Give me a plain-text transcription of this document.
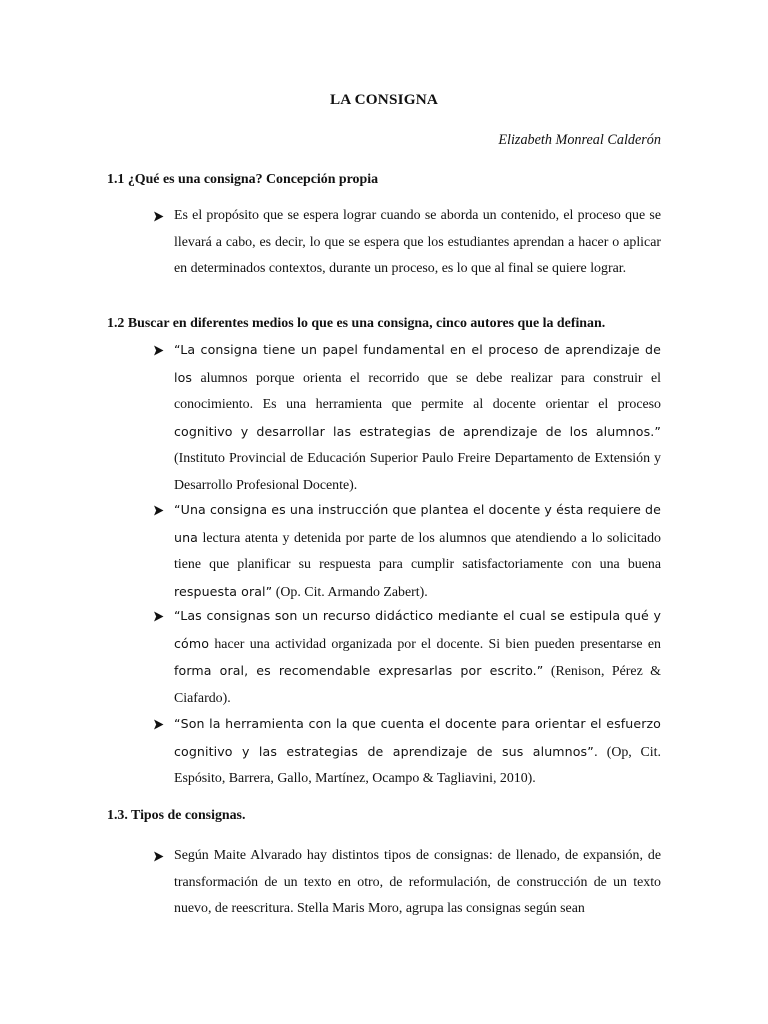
LA CONSIGNA
Elizabeth Monreal Calderón
1.1 ¿Qué es una consigna? Concepción propia
Es el propósito que se espera lograr cuando se aborda un contenido, el proceso que se llevará a cabo, es decir, lo que se espera que los estudiantes aprendan a hacer o aplicar en determinados contextos, durante un proceso, es lo que al final se quiere lograr.
1.2 Buscar en diferentes medios lo que es una consigna, cinco autores que la definan.
“La consigna tiene un papel fundamental en el proceso de aprendizaje de los alumnos porque orienta el recorrido que se debe realizar para construir el conocimiento. Es una herramienta que permite al docente orientar el proceso cognitivo y desarrollar las estrategias de aprendizaje de los alumnos.” (Instituto Provincial de Educación Superior Paulo Freire Departamento de Extensión y Desarrollo Profesional Docente).
“Una consigna es una instrucción que plantea el docente y ésta requiere de una lectura atenta y detenida por parte de los alumnos que atendiendo a lo solicitado tiene que planificar su respuesta para cumplir satisfactoriamente con una buena respuesta oral” (Op. Cit. Armando Zabert).
“Las consignas son un recurso didáctico mediante el cual se estipula qué y cómo hacer una actividad organizada por el docente. Si bien pueden presentarse en forma oral, es recomendable expresarlas por escrito.” (Renison, Pérez & Ciafardo).
“Son la herramienta con la que cuenta el docente para orientar el esfuerzo cognitivo y las estrategias de aprendizaje de sus alumnos”. (Op, Cit. Espósito, Barrera, Gallo, Martínez, Ocampo & Tagliavini, 2010).
1.3. Tipos de consignas.
Según Maite Alvarado hay distintos tipos de consignas: de llenado, de expansión, de transformación de un texto en otro, de reformulación, de construcción de un texto nuevo, de reescritura. Stella Maris Moro, agrupa las consignas según sean
